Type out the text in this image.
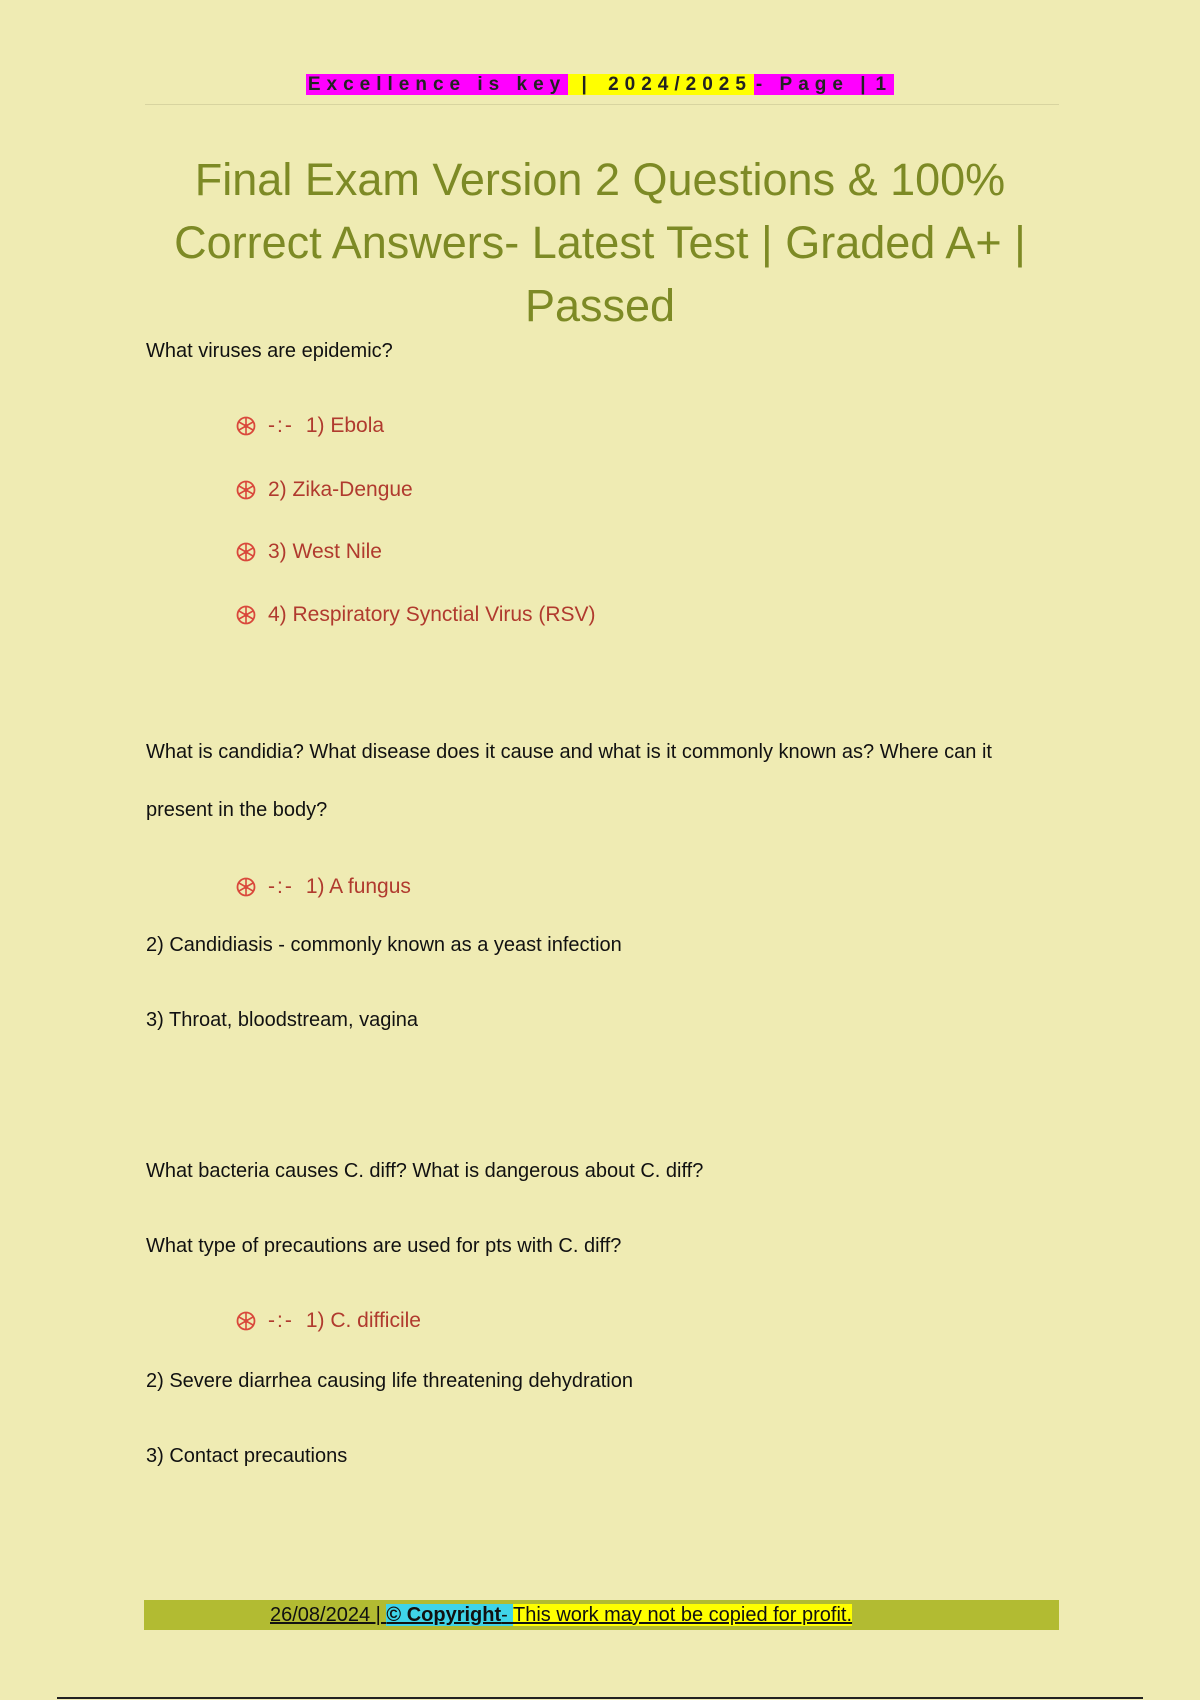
Excellence is key | 2024/2025 - Page | 1
Final Exam Version 2 Questions & 100% Correct Answers- Latest Test | Graded A+ | Passed
What viruses are epidemic?
-:- 1) Ebola
2) Zika-Dengue
3) West Nile
4) Respiratory Synctial Virus (RSV)
What is candidia? What disease does it cause and what is it commonly known as? Where can it present in the body?
-:- 1) A fungus
2) Candidiasis - commonly known as a yeast infection
3) Throat, bloodstream, vagina
What bacteria causes C. diff? What is dangerous about C. diff?
What type of precautions are used for pts with C. diff?
-:- 1) C. difficile
2) Severe diarrhea causing life threatening dehydration
3) Contact precautions
26/08/2024 | © Copyright- This work may not be copied for profit.
